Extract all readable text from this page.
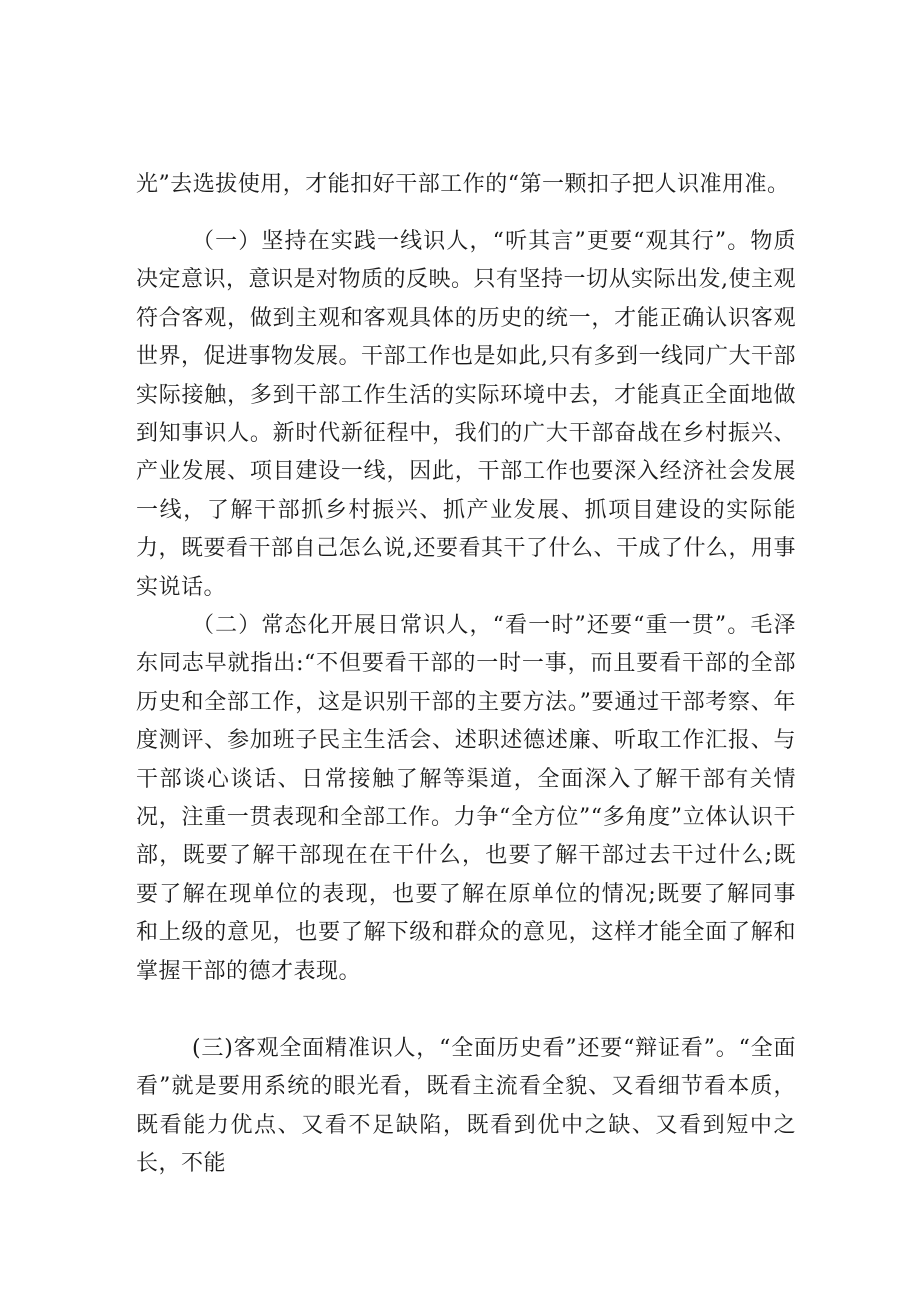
光”去选拔使用，才能扣好干部工作的“第一颗扣子把人识准用准。

（一）坚持在实践一线识人，“听其言”更要“观其行”。物质决定意识，意识是对物质的反映。只有坚持一切从实际出发,使主观符合客观，做到主观和客观具体的历史的统一，才能正确认识客观世界，促进事物发展。干部工作也是如此,只有多到一线同广大干部实际接触，多到干部工作生活的实际环境中去，才能真正全面地做到知事识人。新时代新征程中，我们的广大干部奋战在乡村振兴、产业发展、项目建设一线，因此，干部工作也要深入经济社会发展一线，了解干部抓乡村振兴、抓产业发展、抓项目建设的实际能力，既要看干部自己怎么说,还要看其干了什么、干成了什么，用事实说话。

（二）常态化开展日常识人，“看一时”还要“重一贯”。毛泽东同志早就指出:“不但要看干部的一时一事，而且要看干部的全部历史和全部工作，这是识别干部的主要方法。”要通过干部考察、年度测评、参加班子民主生活会、述职述德述廉、听取工作汇报、与干部谈心谈话、日常接触了解等渠道，全面深入了解干部有关情况，注重一贯表现和全部工作。力争“全方位”“多角度”立体认识干部，既要了解干部现在在干什么，也要了解干部过去干过什么;既要了解在现单位的表现，也要了解在原单位的情况;既要了解同事和上级的意见，也要了解下级和群众的意见，这样才能全面了解和掌握干部的德才表现。

(三)客观全面精准识人，“全面历史看”还要“辩证看”。“全面看”就是要用系统的眼光看，既看主流看全貌、又看细节看本质，既看能力优点、又看不足缺陷，既看到优中之缺、又看到短中之长，不能
